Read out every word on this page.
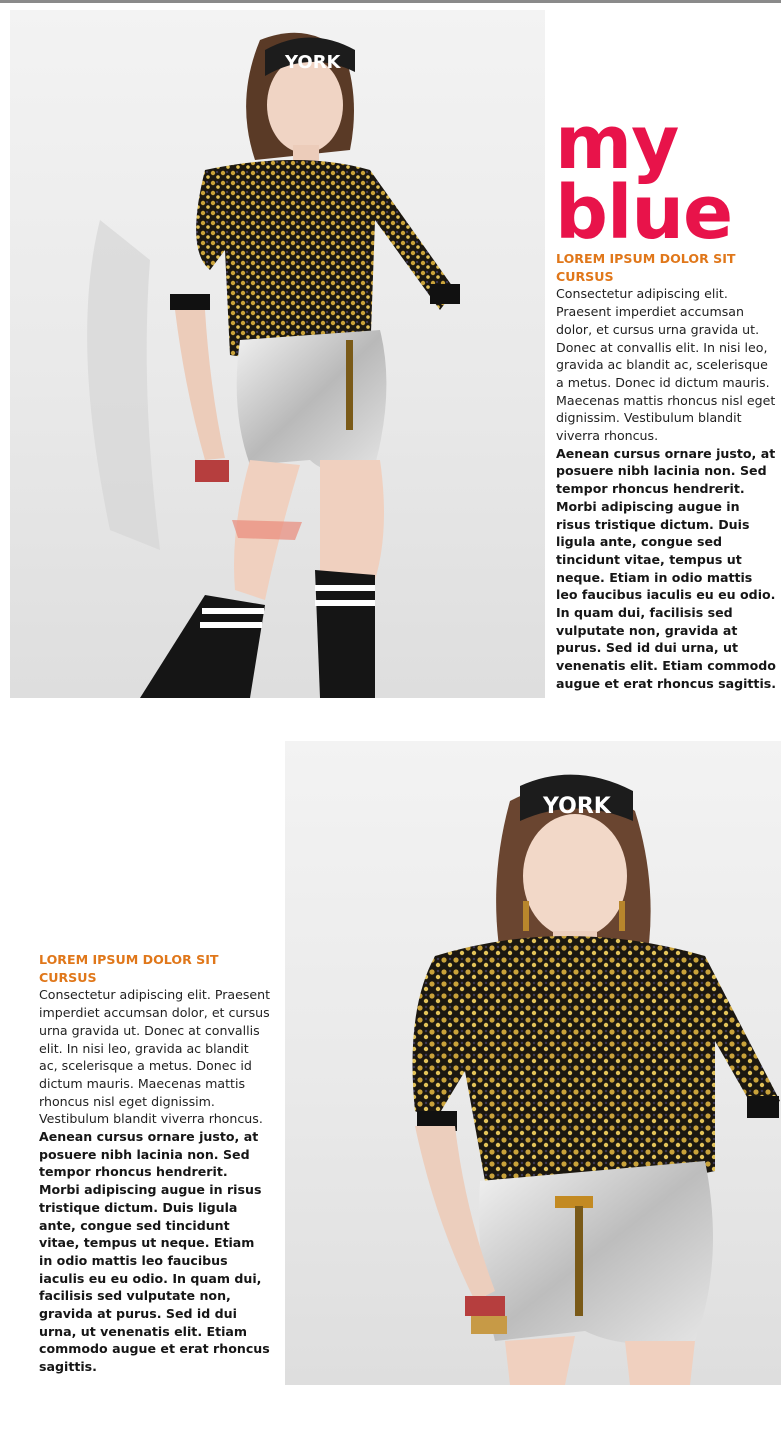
YORK
my
blue
LOREM IPSUM DOLOR SIT CURSUS

Consectetur adipiscing elit. Praesent imperdiet accumsan dolor, et cursus urna gravida ut. Donec at convallis elit. In nisi leo, gravida ac blandit ac, scelerisque a metus. Donec id dictum mauris. Maecenas mattis rhoncus nisl eget dignissim. Vestibulum blandit viverra rhoncus.

Aenean cursus ornare justo, at posuere nibh lacinia non. Sed tempor rhoncus hendrerit. Morbi adipiscing augue in risus tristique dictum. Duis ligula ante, congue sed tincidunt vitae, tempus ut neque. Etiam in odio mattis leo faucibus iaculis eu eu odio. In quam dui, facilisis sed vulputate non, gravida at purus. Sed id dui urna, ut venenatis elit. Etiam commodo augue et erat rhoncus sagittis.

YORK
LOREM IPSUM DOLOR SIT CURSUS

Consectetur adipiscing elit. Praesent imperdiet accumsan dolor, et cursus urna gravida ut. Donec at convallis elit. In nisi leo, gravida ac blandit ac, scelerisque a metus. Donec id dictum mauris. Maecenas mattis rhoncus nisl eget dignissim. Vestibulum blandit viverra rhoncus.

Aenean cursus ornare justo, at posuere nibh lacinia non. Sed tempor rhoncus hendrerit. Morbi adipiscing augue in risus tristique dictum. Duis ligula ante, congue sed tincidunt vitae, tempus ut neque. Etiam in odio mattis leo faucibus iaculis eu eu odio. In quam dui, facilisis sed vulputate non, gravida at purus. Sed id dui urna, ut venenatis elit. Etiam commodo augue et erat rhoncus sagittis.
